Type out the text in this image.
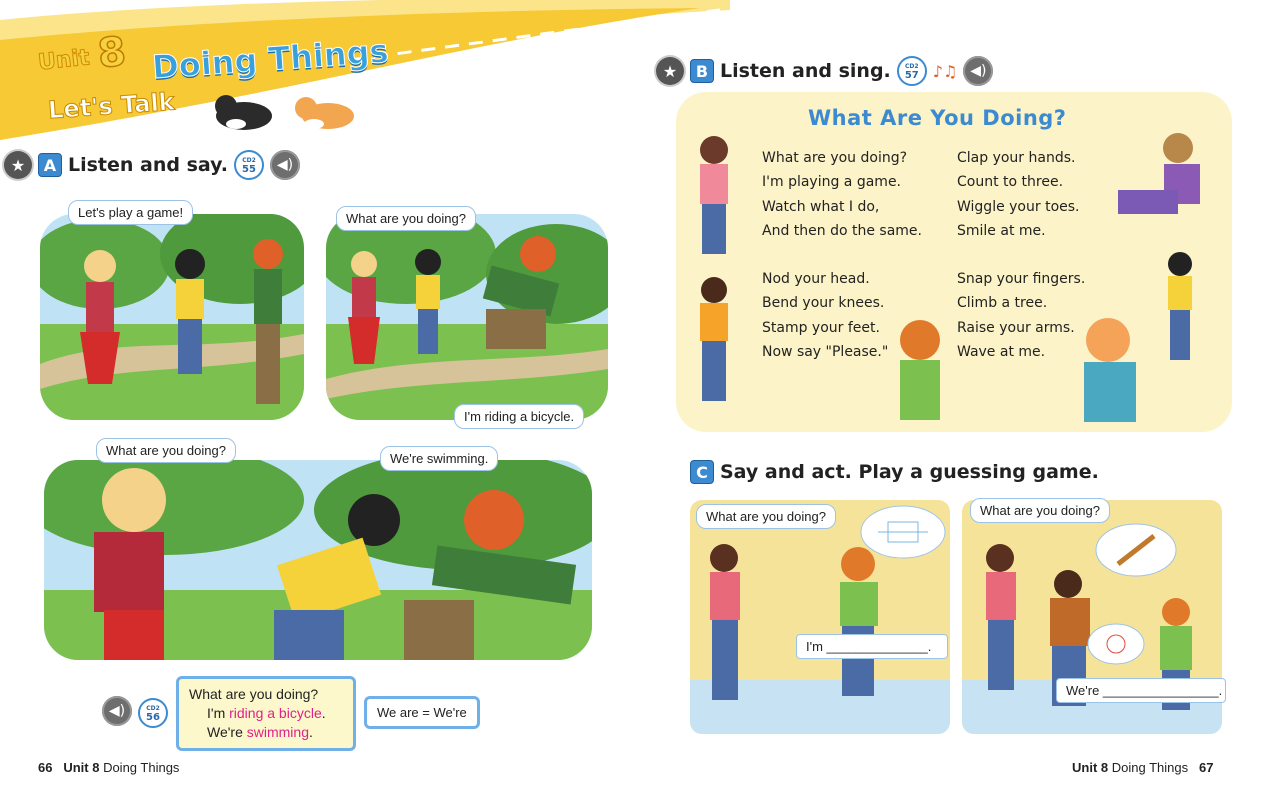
Unit 8 Doing Things
Let's Talk
★	A Listen and say. CD2
55	◀)
Let's play a game!	What are you doing?
I'm riding a bicycle.
What are you doing?
We're swimming.
◀)	CD2
56
What are you doing?
I'm riding a bicycle.
We're swimming.
We are = We're
66 Unit 8 Doing Things
★	B Listen and sing. CD2
57 ♪♫ ◀)
What Are You Doing?
What are you doing?
I'm playing a game.
Watch what I do,
And then do the same.
Clap your hands.
Count to three.
Wiggle your toes.
Smile at me.
Nod your head.
Bend your knees.
Stamp your feet.
Now say "Please."
Snap your fingers.
Climb a tree.
Raise your arms.
Wave at me.
C Say and act. Play a guessing game.
What are you doing?
I'm ______________.
What are you doing?
We're ________________.
Unit 8 Doing Things 67
